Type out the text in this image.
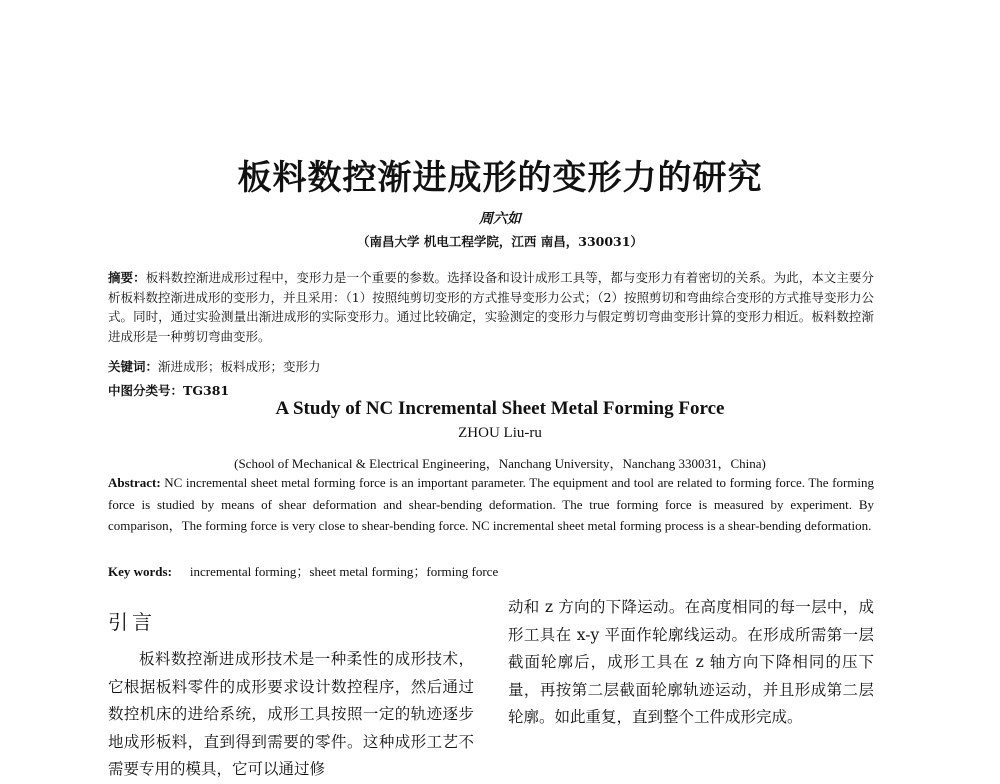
板料数控渐进成形的变形力的研究
周六如
（南昌大学 机电工程学院，江西 南昌，330031）
摘要：板料数控渐进成形过程中，变形力是一个重要的参数。选择设备和设计成形工具等，都与变形力有着密切的关系。为此，本文主要分析板料数控渐进成形的变形力，并且采用：（1）按照纯剪切变形的方式推导变形力公式；（2）按照剪切和弯曲综合变形的方式推导变形力公式。同时，通过实验测量出渐进成形的实际变形力。通过比较确定，实验测定的变形力与假定剪切弯曲变形计算的变形力相近。板料数控渐进成形是一种剪切弯曲变形。
关键词：渐进成形；板料成形；变形力
中图分类号：TG381
A Study of NC Incremental Sheet Metal Forming Force
ZHOU Liu-ru
(School of Mechanical & Electrical Engineering，Nanchang University，Nanchang 330031，China)
Abstract: NC incremental sheet metal forming force is an important parameter. The equipment and tool are related to forming force. The forming force is studied by means of shear deformation and shear-bending deformation. The true forming force is measured by experiment. By comparison，The forming force is very close to shear-bending force. NC incremental sheet metal forming process is a shear-bending deformation.
Key words: incremental forming；sheet metal forming；forming force
引言
板料数控渐进成形技术是一种柔性的成形技术，它根据板料零件的成形要求设计数控程序，然后通过数控机床的进给系统，成形工具按照一定的轨迹逐步地成形板料，直到得到需要的零件。这种成形工艺不需要专用的模具，它可以通过修
动和 z 方向的下降运动。在高度相同的每一层中，成形工具在 x-y 平面作轮廓线运动。在形成所需第一层截面轮廓后，成形工具在 z 轴方向下降相同的压下量，再按第二层截面轮廓轨迹运动，并且形成第二层轮廓。如此重复，直到整个工件成形完成。
